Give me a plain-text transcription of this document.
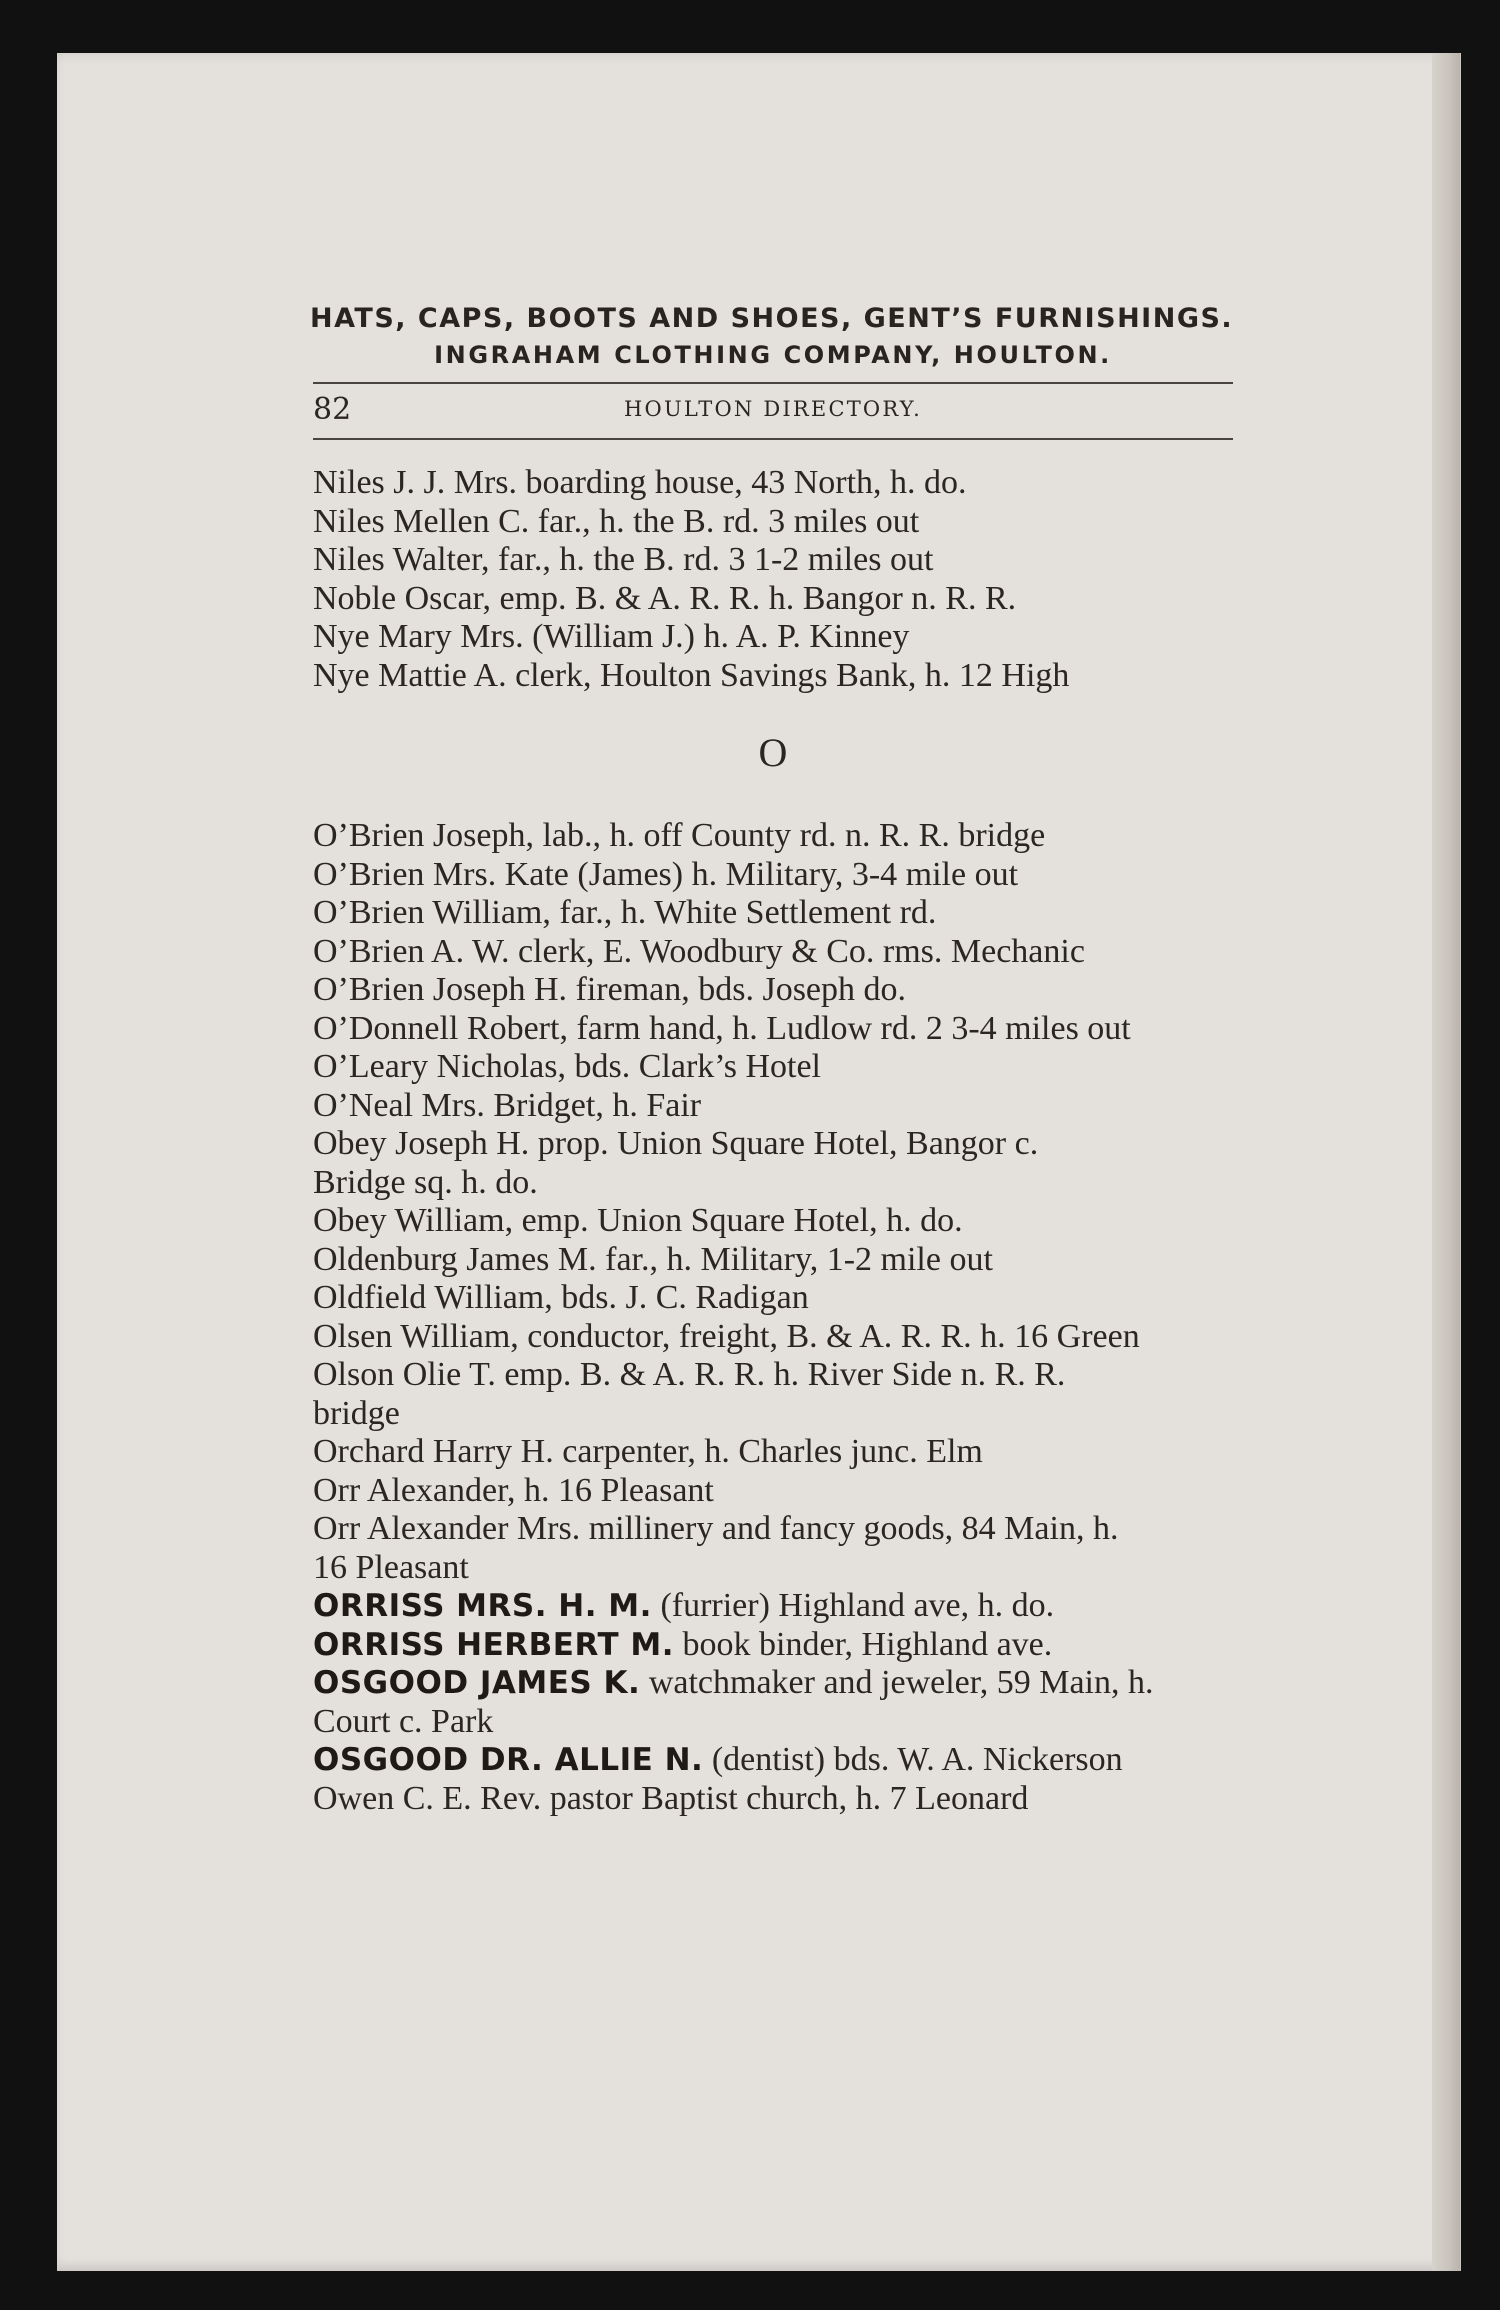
HATS, CAPS, BOOTS AND SHOES, GENT’S FURNISHINGS.
INGRAHAM CLOTHING COMPANY, HOULTON.
82	HOULTON DIRECTORY.
Niles J. J. Mrs. boarding house, 43 North, h. do.
Niles Mellen C. far., h. the B. rd. 3 miles out
Niles Walter, far., h. the B. rd. 3 1-2 miles out
Noble Oscar, emp. B. & A. R. R. h. Bangor n. R. R.
Nye Mary Mrs. (William J.) h. A. P. Kinney
Nye Mattie A. clerk, Houlton Savings Bank, h. 12 High
O
O’Brien Joseph, lab., h. off County rd. n. R. R. bridge
O’Brien Mrs. Kate (James) h. Military, 3-4 mile out
O’Brien William, far., h. White Settlement rd.
O’Brien A. W. clerk, E. Woodbury & Co. rms. Mechanic
O’Brien Joseph H. fireman, bds. Joseph do.
O’Donnell Robert, farm hand, h. Ludlow rd. 2 3-4 miles out
O’Leary Nicholas, bds. Clark’s Hotel
O’Neal Mrs. Bridget, h. Fair
Obey Joseph H. prop. Union Square Hotel, Bangor c.
Bridge sq. h. do.
Obey William, emp. Union Square Hotel, h. do.
Oldenburg James M. far., h. Military, 1-2 mile out
Oldfield William, bds. J. C. Radigan
Olsen William, conductor, freight, B. & A. R. R. h. 16 Green
Olson Olie T. emp. B. & A. R. R. h. River Side n. R. R.
bridge
Orchard Harry H. carpenter, h. Charles junc. Elm
Orr Alexander, h. 16 Pleasant
Orr Alexander Mrs. millinery and fancy goods, 84 Main, h.
16 Pleasant
ORRISS MRS. H. M. (furrier) Highland ave, h. do.
ORRISS HERBERT M. book binder, Highland ave.
OSGOOD JAMES K. watchmaker and jeweler, 59 Main, h.
Court c. Park
OSGOOD DR. ALLIE N. (dentist) bds. W. A. Nickerson
Owen C. E. Rev. pastor Baptist church, h. 7 Leonard
